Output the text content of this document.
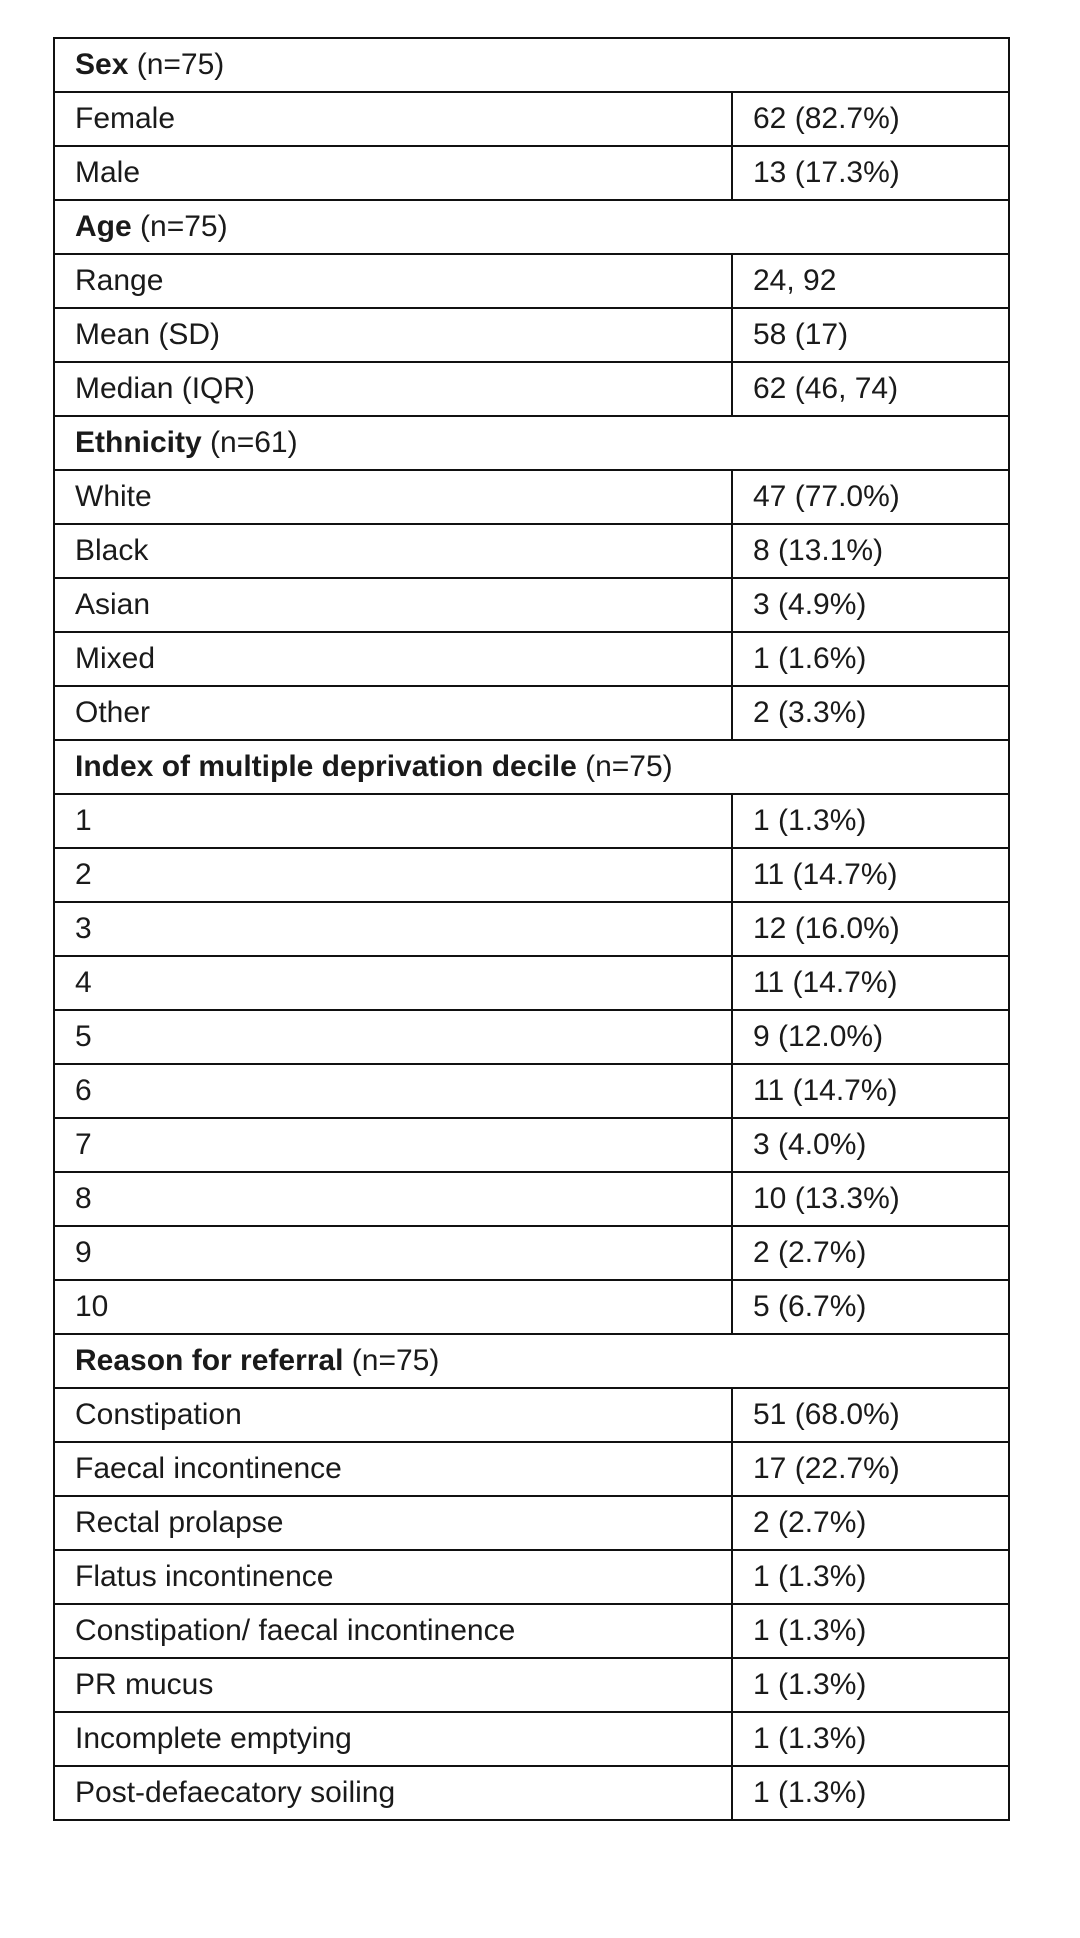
Sex (n=75)	
Female	62 (82.7%)
Male	13 (17.3%)
Age (n=75)	
Range	24, 92
Mean (SD)	58 (17)
Median (IQR)	62 (46, 74)
Ethnicity (n=61)	
White	47 (77.0%)
Black	8 (13.1%)
Asian	3 (4.9%)
Mixed	1 (1.6%)
Other	2 (3.3%)
Index of multiple deprivation decile (n=75)	
1	1 (1.3%)
2	11 (14.7%)
3	12 (16.0%)
4	11 (14.7%)
5	9 (12.0%)
6	11 (14.7%)
7	3 (4.0%)
8	10 (13.3%)
9	2 (2.7%)
10	5 (6.7%)
Reason for referral (n=75)	
Constipation	51 (68.0%)
Faecal incontinence	17 (22.7%)
Rectal prolapse	2 (2.7%)
Flatus incontinence	1 (1.3%)
Constipation/ faecal incontinence	1 (1.3%)
PR mucus	1 (1.3%)
Incomplete emptying	1 (1.3%)
Post-defaecatory soiling	1 (1.3%)
